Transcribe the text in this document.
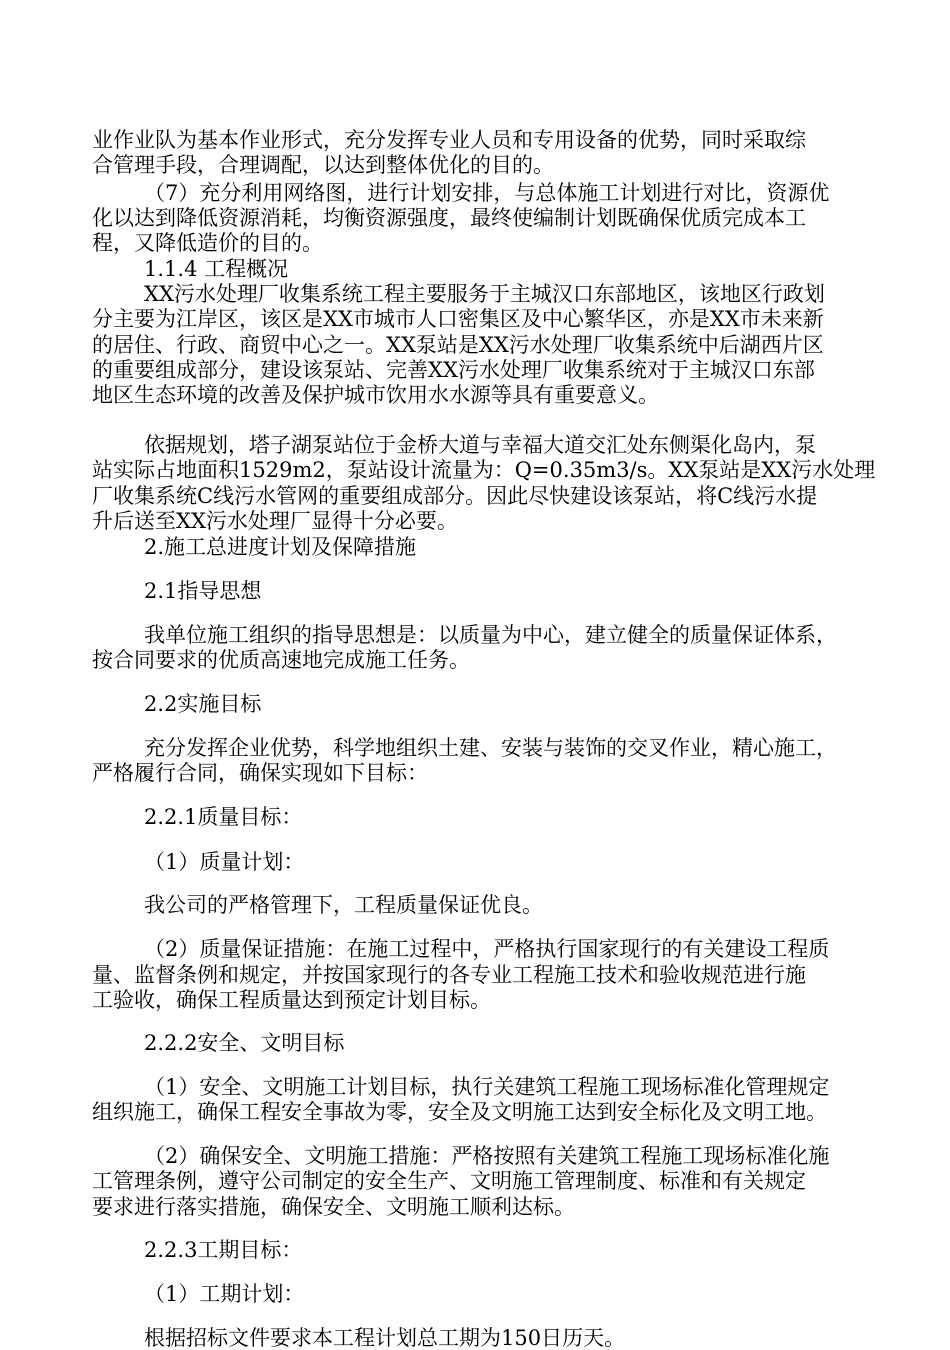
业作业队为基本作业形式，充分发挥专业人员和专用设备的优势，同时采取综
合管理手段，合理调配，以达到整体优化的目的。
（7）充分利用网络图，进行计划安排，与总体施工计划进行对比，资源优
化以达到降低资源消耗，均衡资源强度，最终使编制计划既确保优质完成本工
程，又降低造价的目的。
1.1.4 工程概况
XX污水处理厂收集系统工程主要服务于主城汉口东部地区，该地区行政划
分主要为江岸区，该区是XX市城市人口密集区及中心繁华区，亦是XX市未来新
的居住、行政、商贸中心之一。XX泵站是XX污水处理厂收集系统中后湖西片区
的重要组成部分，建设该泵站、完善XX污水处理厂收集系统对于主城汉口东部
地区生态环境的改善及保护城市饮用水水源等具有重要意义。
依据规划，塔子湖泵站位于金桥大道与幸福大道交汇处东侧渠化岛内，泵
站实际占地面积1529m2，泵站设计流量为：Q=0.35m3/s。XX泵站是XX污水处理
厂收集系统C线污水管网的重要组成部分。因此尽快建设该泵站，将C线污水提
升后送至XX污水处理厂显得十分必要。
2.施工总进度计划及保障措施
2.1指导思想
我单位施工组织的指导思想是：以质量为中心，建立健全的质量保证体系，
按合同要求的优质高速地完成施工任务。
2.2实施目标
充分发挥企业优势，科学地组织土建、安装与装饰的交叉作业，精心施工，
严格履行合同，确保实现如下目标：
2.2.1质量目标：
（1）质量计划：
我公司的严格管理下，工程质量保证优良。
（2）质量保证措施：在施工过程中，严格执行国家现行的有关建设工程质
量、监督条例和规定，并按国家现行的各专业工程施工技术和验收规范进行施
工验收，确保工程质量达到预定计划目标。
2.2.2安全、文明目标
（1）安全、文明施工计划目标，执行关建筑工程施工现场标准化管理规定
组织施工，确保工程安全事故为零，安全及文明施工达到安全标化及文明工地。
（2）确保安全、文明施工措施：严格按照有关建筑工程施工现场标准化施
工管理条例，遵守公司制定的安全生产、文明施工管理制度、标准和有关规定
要求进行落实措施，确保安全、文明施工顺利达标。
2.2.3工期目标：
（1）工期计划：
根据招标文件要求本工程计划总工期为150日历天。
